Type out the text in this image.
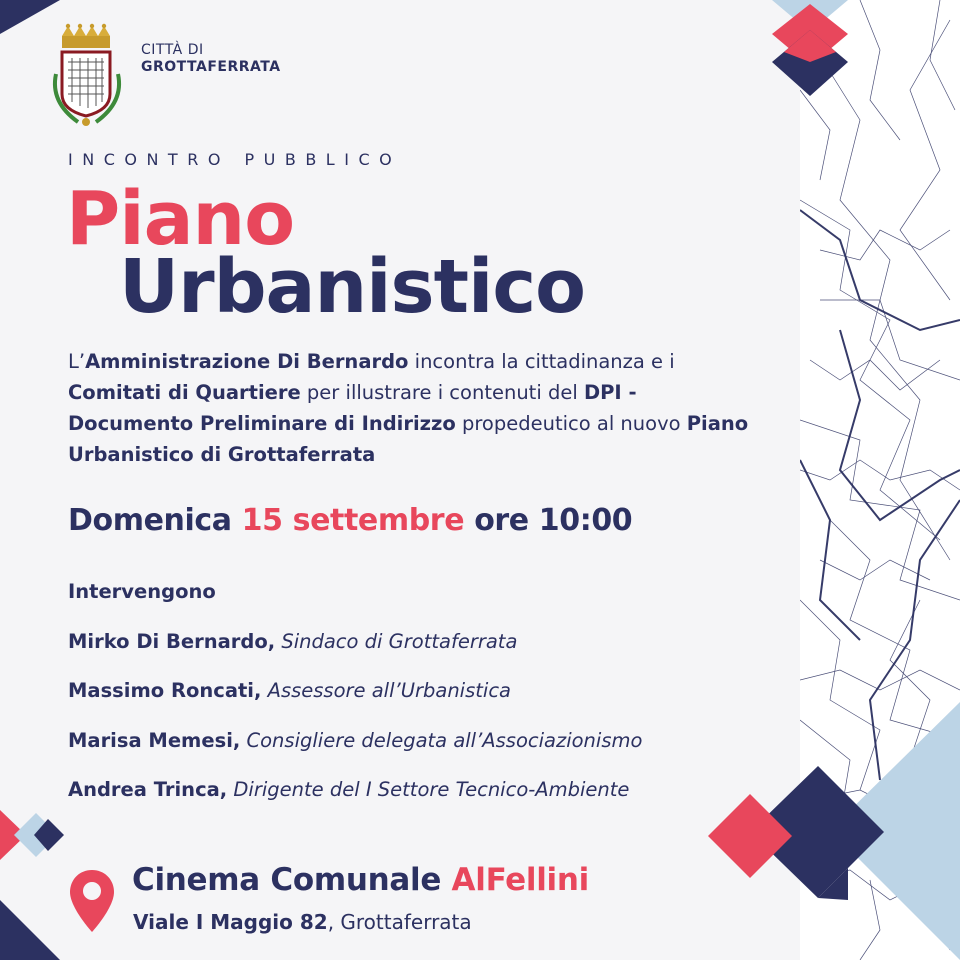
CITTÀ DI
GROTTAFERRATA
INCONTRO PUBBLICO
Piano
Urbanistico
L’Amministrazione Di Bernardo incontra la cittadinanza e i Comitati di Quartiere per illustrare i contenuti del DPI - Documento Preliminare di Indirizzo propedeutico al nuovo Piano Urbanistico di Grottaferrata
Domenica 15 settembre ore 10:00
Intervengono
Mirko Di Bernardo, Sindaco di Grottaferrata
Massimo Roncati, Assessore all’Urbanistica
Marisa Memesi, Consigliere delegata all’Associazionismo
Andrea Trinca, Dirigente del I Settore Tecnico-Ambiente
Cinema Comunale AlFellini
Viale I Maggio 82, Grottaferrata
